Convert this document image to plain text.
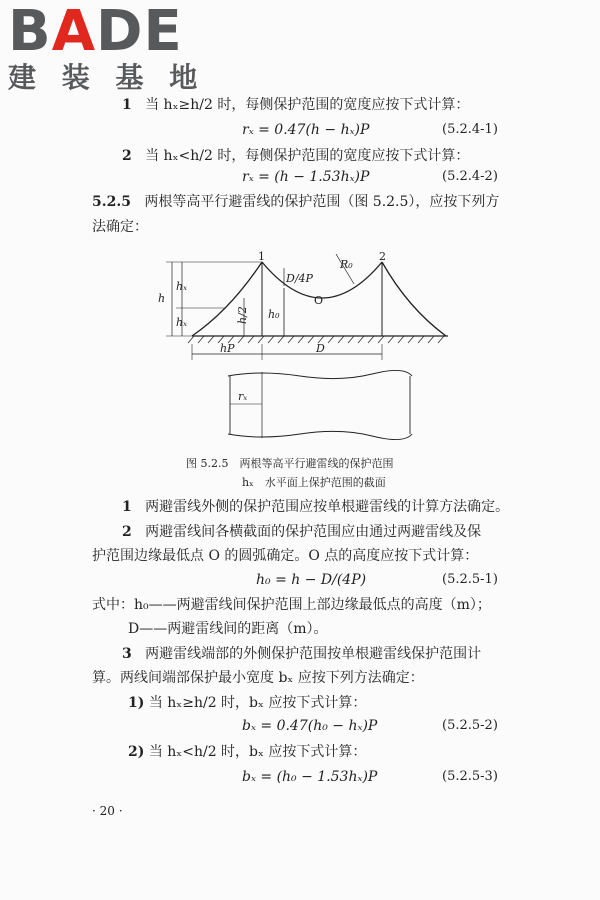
BADE
建 装 基 地
1 当 hₓ≥h/2 时，每侧保护范围的宽度应按下式计算：
rₓ = 0.47(h − hₓ)P	(5.2.4-1)
2 当 hₓ<h/2 时，每侧保护范围的宽度应按下式计算：
rₓ = (h − 1.53hₓ)P	(5.2.4-2)
5.2.5 两根等高平行避雷线的保护范围（图 5.2.5），应按下列方
法确定：
1	2
D/4P
R₀
O
h
hₓ
hₓ	h/2 h₀
hP	D
rₓ
图 5.2.5　两根等高平行避雷线的保护范围
hₓ　水平面上保护范围的截面
1 两避雷线外侧的保护范围应按单根避雷线的计算方法确定。
2 两避雷线间各横截面的保护范围应由通过两避雷线及保
护范围边缘最低点 O 的圆弧确定。O 点的高度应按下式计算：
h₀ = h − D/(4P)	(5.2.5-1)
式中：h₀——两避雷线间保护范围上部边缘最低点的高度（m）；
D——两避雷线间的距离（m）。
3 两避雷线端部的外侧保护范围按单根避雷线保护范围计
算。两线间端部保护最小宽度 bₓ 应按下列方法确定：
1) 当 hₓ≥h/2 时，bₓ 应按下式计算：
bₓ = 0.47(h₀ − hₓ)P	(5.2.5-2)
2) 当 hₓ<h/2 时，bₓ 应按下式计算：
bₓ = (h₀ − 1.53hₓ)P	(5.2.5-3)
· 20 ·
